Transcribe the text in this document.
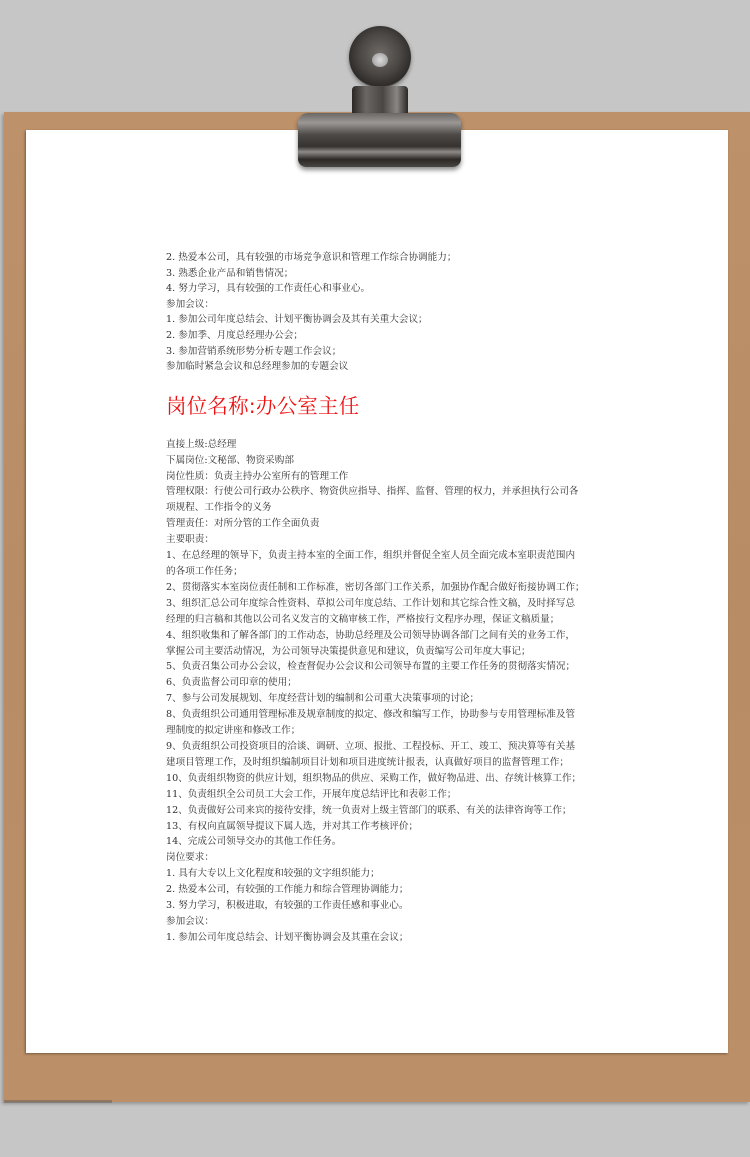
2. 热爱本公司，具有较强的市场竞争意识和管理工作综合协调能力；
3. 熟悉企业产品和销售情况；
4. 努力学习，具有较强的工作责任心和事业心。
参加会议：
1. 参加公司年度总结会、计划平衡协调会及其有关重大会议；
2. 参加季、月度总经理办公会；
3. 参加营销系统形势分析专题工作会议；
参加临时紧急会议和总经理参加的专题会议
岗位名称:办公室主任
直接上级:总经理
下属岗位:文秘部、物资采购部
岗位性质：负责主持办公室所有的管理工作
管理权限：行使公司行政办公秩序、物资供应指导、指挥、监督、管理的权力，并承担执行公司各
项规程、工作指令的义务
管理责任：对所分管的工作全面负责
主要职责：
1、在总经理的领导下，负责主持本室的全面工作，组织并督促全室人员全面完成本室职责范围内
的各项工作任务；
2、贯彻落实本室岗位责任制和工作标准，密切各部门工作关系，加强协作配合做好衔接协调工作；
3、组织汇总公司年度综合性资料、草拟公司年度总结、工作计划和其它综合性文稿，及时择写总
经理的归言稿和其他以公司名义发言的文稿审核工作，严格按行文程序办理，保证文稿质量；
4、组织收集和了解各部门的工作动态，协助总经理及公司领导协调各部门之间有关的业务工作，
掌握公司主要活动情况，为公司领导决策提供意见和建议，负责编写公司年度大事记；
5、负责召集公司办公会议，检查督促办公会议和公司领导布置的主要工作任务的贯彻落实情况；
6、负责监督公司印章的使用；
7、参与公司发展规划、年度经营计划的编制和公司重大决策事项的讨论；
8、负责组织公司通用管理标准及规章制度的拟定、修改和编写工作，协助参与专用管理标准及管
理制度的拟定讲座和修改工作；
9、负责组织公司投资项目的洽谈、调研、立项、报批、工程投标、开工、竣工、预决算等有关基
建项目管理工作，及时组织编制项目计划和项目进度统计报表，认真做好项目的监督管理工作；
10、负责组织物资的供应计划，组织物品的供应、采购工作，做好物品进、出、存统计核算工作；
11、负责组织全公司员工大会工作，开展年度总结评比和表彰工作；
12、负责做好公司来宾的接待安排，统一负责对上级主管部门的联系、有关的法律咨询等工作；
13、有权向直属领导提议下属人选，并对其工作考核评价；
14、完成公司领导交办的其他工作任务。
岗位要求：
1. 具有大专以上文化程度和较强的文字组织能力；
2. 热爱本公司，有较强的工作能力和综合管理协调能力；
3. 努力学习，积极进取，有较强的工作责任感和事业心。
参加会议：
1. 参加公司年度总结会、计划平衡协调会及其重在会议；
